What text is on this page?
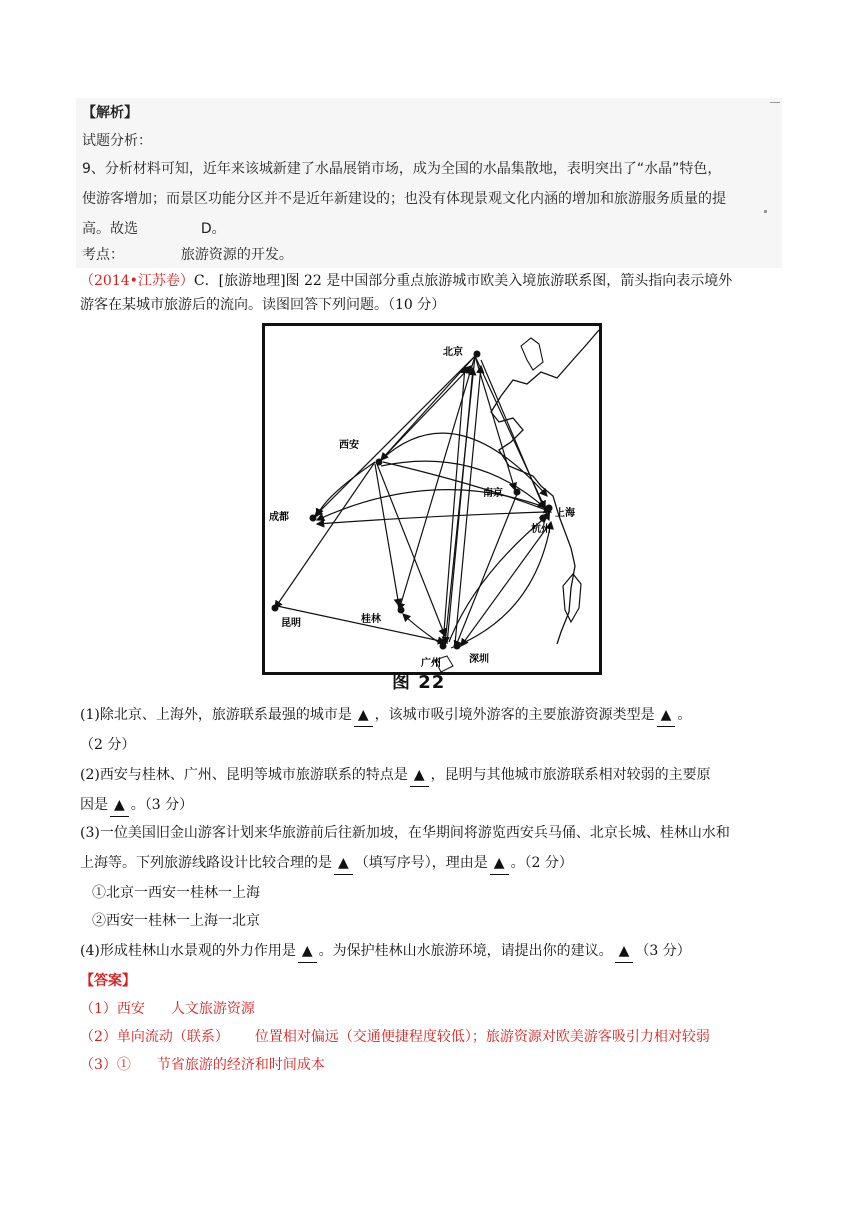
【解析】
试题分析：
9、分析材料可知，近年来该城新建了水晶展销市场，成为全国的水晶集散地，表明突出了“水晶”特色，
使游客增加；而景区功能分区并不是近年新建设的；也没有体现景观文化内涵的增加和旅游服务质量的提
高。故选	D。
考点：	旅游资源的开发。
（2014•江苏卷）C．[旅游地理]图 22 是中国部分重点旅游城市欧美入境旅游联系图，箭头指向表示境外
游客在某城市旅游后的流向。读图回答下列问题。（10 分）
北京
西安
南京
上海
杭州
成都
昆明	桂林
广州	深圳
图 22
(1)除北京、上海外，旅游联系最强的城市是 ▲ ，该城市吸引境外游客的主要旅游资源类型是 ▲ 。
（2 分）
(2)西安与桂林、广州、昆明等城市旅游联系的特点是 ▲ ，昆明与其他城市旅游联系相对较弱的主要原
因是 ▲ 。（3 分）
(3)一位美国旧金山游客计划来华旅游前后往新加坡，在华期间将游览西安兵马俑、北京长城、桂林山水和
上海等。下列旅游线路设计比较合理的是 ▲ （填写序号），理由是 ▲ 。（2 分）
①北京一西安一桂林一上海
②西安一桂林一上海一北京
(4)形成桂林山水景观的外力作用是 ▲ 。为保护桂林山水旅游环境，请提出你的建议。 ▲ （3 分）
【答案】
（1）西安 人文旅游资源
（2）单向流动（联系） 位置相对偏远（交通便捷程度较低）；旅游资源对欧美游客吸引力相对较弱
（3）① 节省旅游的经济和时间成本
